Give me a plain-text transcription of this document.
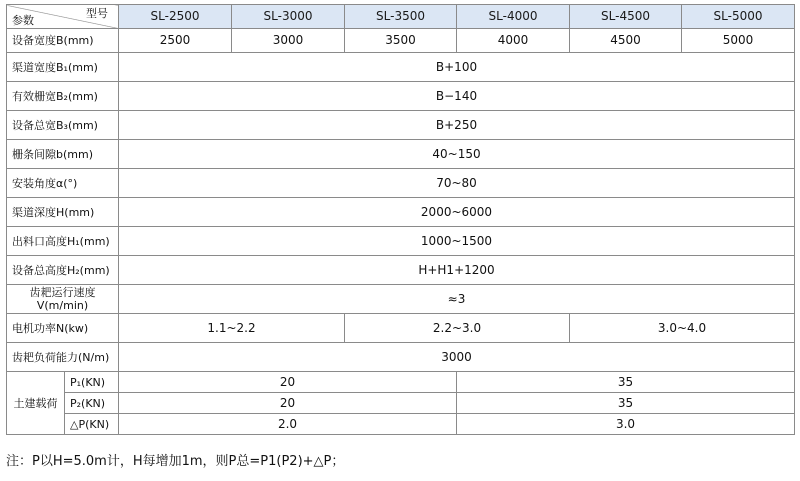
型号
参数		SL-2500	SL-3000	SL-3500	SL-4000	SL-4500	SL-5000
设备宽度B(mm)		2500	3000	3500	4000	4500	5000
渠道宽度B₁(mm)		B+100					
有效栅宽B₂(mm)		B−140					
设备总宽B₃(mm)		B+250					
栅条间隙b(mm)		40~150					
安装角度α(°)		70~80					
渠道深度H(mm)		2000~6000					
出料口高度H₁(mm)		1000~1500					
设备总高度H₂(mm)		H+H1+1200					

齿耙运行速度
V(m/min)		≈3					
电机功率N(kw)		1.1~2.2		2.2~3.0		3.0~4.0	
齿耙负荷能力(N/m)		3000					
土建载荷	P₁(KN)	20			35		
	P₂(KN)	20			35		
	△P(KN)	2.0			3.0		
注：P以H=5.0m计，H每增加1m，则P总=P1(P2)+△P；
